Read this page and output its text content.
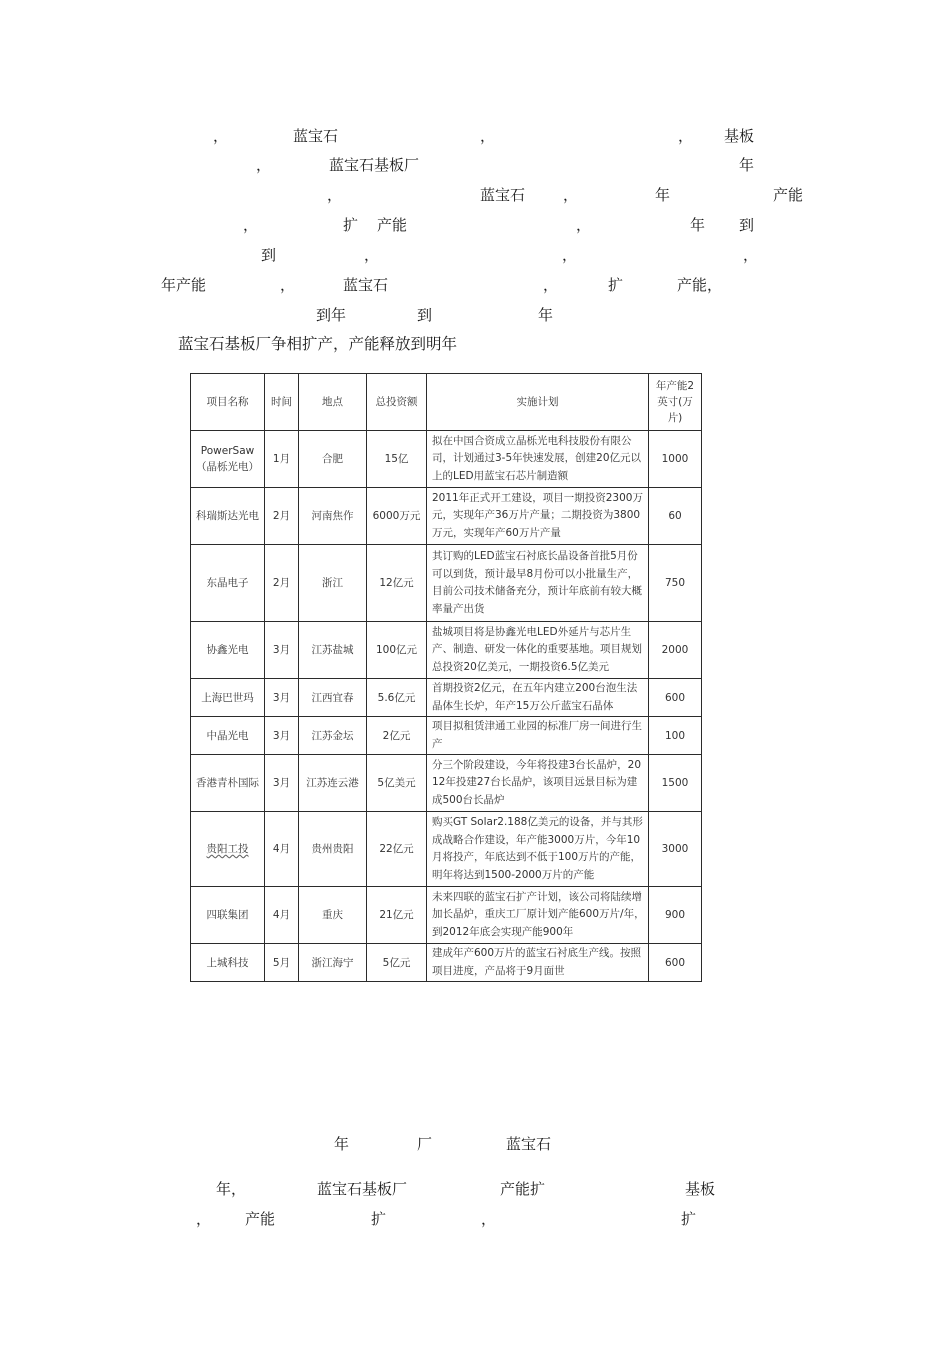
，	蓝宝石	，	， 基板
，	蓝宝石基板厂	年
，	蓝宝石	，	年	产能
，	扩 产能	，	年 到
到	，	，	，
年产能	，	蓝宝石	，	扩	产能，
到年	到	年
蓝宝石基板厂争相扩产，产能释放到明年
项目名称	时间	地点	总投资额	实施计划	年产能2英寸(万片)
PowerSaw（晶栎光电）	1月	合肥	15亿	拟在中国合资成立晶栎光电科技股份有限公司，计划通过3-5年快速发展，创建20亿元以上的LED用蓝宝石芯片制造额	1000
科瑞斯达光电	2月	河南焦作	6000万元	2011年正式开工建设，项目一期投资2300万元，实现年产36万片产量；二期投资为3800万元，实现年产60万片产量	60
东晶电子	2月	浙江	12亿元	其订购的LED蓝宝石衬底长晶设备首批5月份可以到货，预计最早8月份可以小批量生产，目前公司技术储备充分，预计年底前有较大概率量产出货	750
协鑫光电	3月	江苏盐城	100亿元	盐城项目将是协鑫光电LED外延片与芯片生产、制造、研发一体化的重要基地。项目规划总投资20亿美元，一期投资6.5亿美元	2000
上海巴世玛	3月	江西宜春	5.6亿元	首期投资2亿元，在五年内建立200台泡生法晶体生长炉，年产15万公斤蓝宝石晶体	600
中晶光电	3月	江苏金坛	2亿元	项目拟租赁津通工业园的标准厂房一间进行生产	100
香港青朴国际	3月	江苏连云港	5亿美元	分三个阶段建设，今年将投建3台长晶炉，2012年投建27台长晶炉，该项目远景目标为建成500台长晶炉	1500
贵阳工投	4月	贵州贵阳	22亿元	购买GT Solar2.188亿美元的设备，并与其形成战略合作建设，年产能3000万片，今年10月将投产，年底达到不低于100万片的产能，明年将达到1500-2000万片的产能	3000
四联集团	4月	重庆	21亿元	未来四联的蓝宝石扩产计划，该公司将陆续增加长晶炉，重庆工厂原计划产能600万片/年，到2012年底会实现产能900年	900
上城科技	5月	浙江海宁	5亿元	建成年产600万片的蓝宝石衬底生产线。按照项目进度，产品将于9月面世	600
年	厂	蓝宝石
年，	蓝宝石基板厂	产能扩	基板
， 产能	扩	，	扩
